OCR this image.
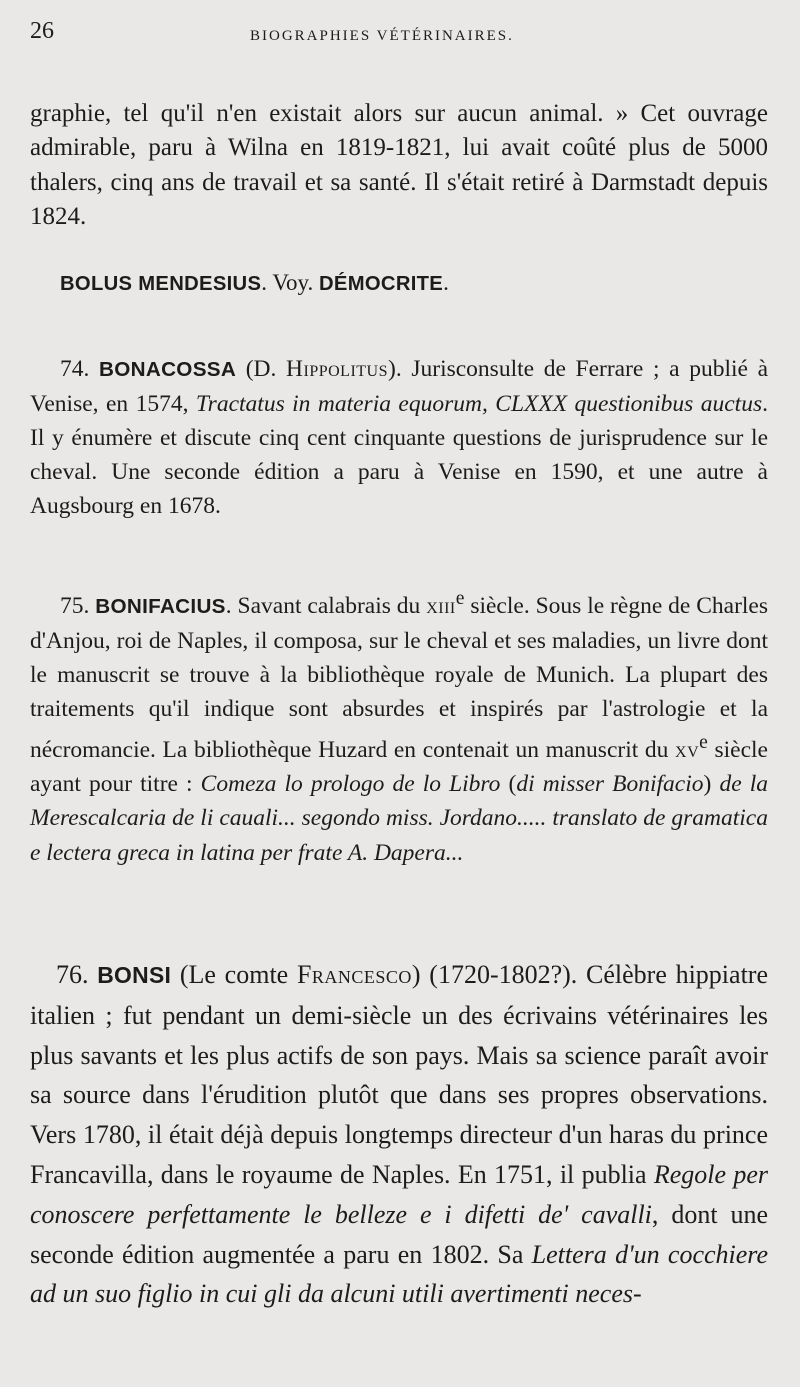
26	BIOGRAPHIES VÉTÉRINAIRES.

graphie, tel qu'il n'en existait alors sur aucun animal. » Cet ouvrage admirable, paru à Wilna en 1819-1821, lui avait coûté plus de 5000 thalers, cinq ans de travail et sa santé. Il s'était retiré à Darmstadt depuis 1824.

BOLUS MENDESIUS. Voy. DÉMOCRITE.

74. BONACOSSA (D. Hippolitus). Jurisconsulte de Ferrare ; a publié à Venise, en 1574, Tractatus in materia equorum, CLXXX questionibus auctus. Il y énumère et discute cinq cent cinquante questions de jurisprudence sur le cheval. Une seconde édition a paru à Venise en 1590, et une autre à Augsbourg en 1678.

75. BONIFACIUS. Savant calabrais du xiii$^e$ siècle. Sous le règne de Charles d'Anjou, roi de Naples, il composa, sur le cheval et ses maladies, un livre dont le manuscrit se trouve à la bibliothèque royale de Munich. La plupart des traitements qu'il indique sont absurdes et inspirés par l'astrologie et la nécromancie. La bibliothèque Huzard en contenait un manuscrit du $xv^e$ siècle ayant pour titre : Comeza lo prologo de lo Libro (di misser Bonifacio) de la Merescalcaria de li cauali... segondo miss. Jordano..... translato de gramatica e lectera greca in latina per frate A. Dapera...

76. BONSI (Le comte Francesco) (1720-1802?). Célèbre hippiatre italien ; fut pendant un demi-siècle un des écrivains vétérinaires les plus savants et les plus actifs de son pays. Mais sa science paraît avoir sa source dans l'érudition plutôt que dans ses propres observations. Vers 1780, il était déjà depuis longtemps directeur d'un haras du prince Francavilla, dans le royaume de Naples. En 1751, il publia Regole per conoscere perfettamente le belleze e i difetti de' cavalli, dont une seconde édition augmentée a paru en 1802. Sa Lettera d'un cocchiere ad un suo figlio in cui gli da alcuni utili avertimenti neces-
